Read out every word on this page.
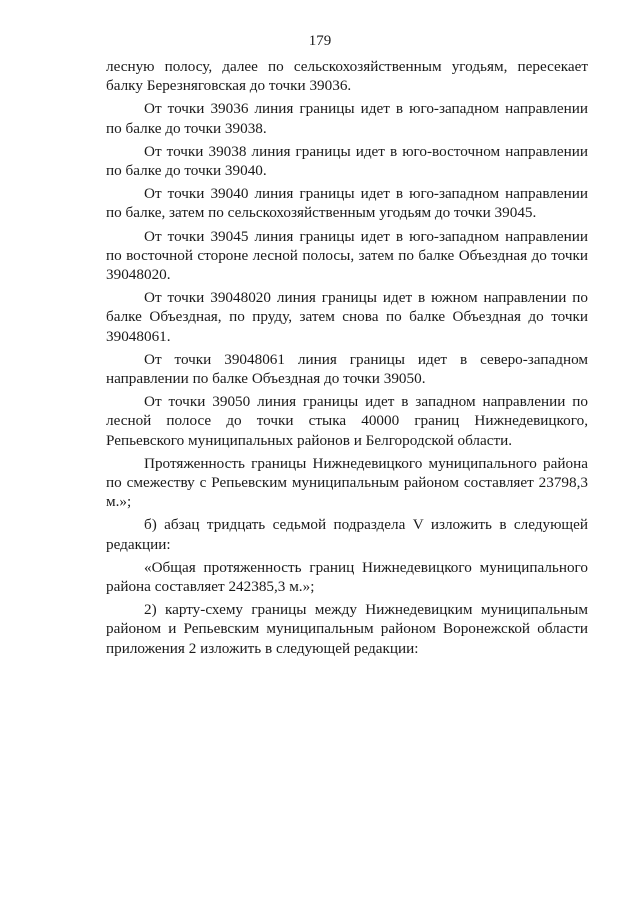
179

лесную полосу, далее по сельскохозяйственным угодьям, пересекает балку Березняговская до точки 39036.

От точки 39036 линия границы идет в юго-западном направлении по балке до точки 39038.

От точки 39038 линия границы идет в юго-восточном направлении по балке до точки 39040.

От точки 39040 линия границы идет в юго-западном направлении по балке, затем по сельскохозяйственным угодьям до точки 39045.

От точки 39045 линия границы идет в юго-западном направлении по восточной стороне лесной полосы, затем по балке Объездная до точки 39048020.

От точки 39048020 линия границы идет в южном направлении по балке Объездная, по пруду, затем снова по балке Объездная до точки 39048061.

От точки 39048061 линия границы идет в северо-западном направлении по балке Объездная до точки 39050.

От точки 39050 линия границы идет в западном направлении по лесной полосе до точки стыка 40000 границ Нижнедевицкого, Репьевского муниципальных районов и Белгородской области.

Протяженность границы Нижнедевицкого муниципального района по смежеству с Репьевским муниципальным районом составляет 23798,3 м.»;

б) абзац тридцать седьмой подраздела V изложить в следующей редакции:

«Общая протяженность границ Нижнедевицкого муниципального района составляет 242385,3 м.»;

2) карту-схему границы между Нижнедевицким муниципальным районом и Репьевским муниципальным районом Воронежской области приложения 2 изложить в следующей редакции:
